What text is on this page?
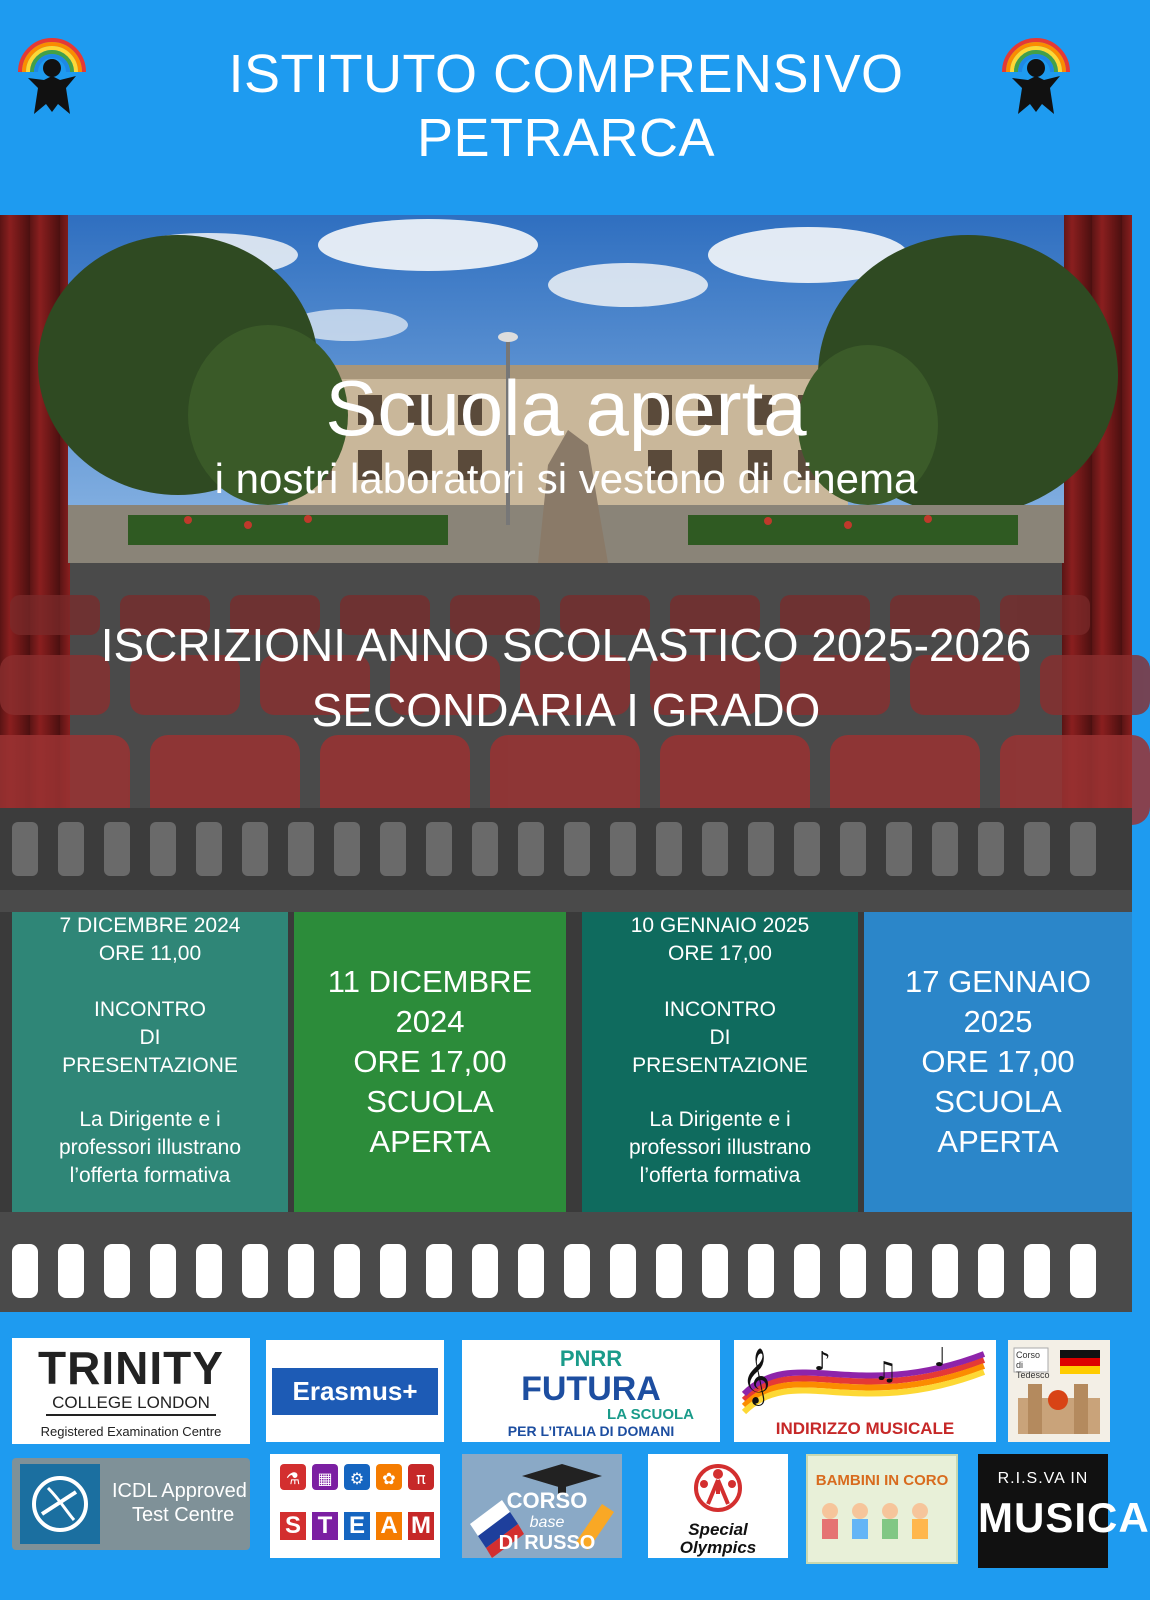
ISTITUTO COMPRENSIVO
PETRARCA
Scuola aperta
i nostri laboratori si vestono di cinema
ISCRIZIONI ANNO SCOLASTICO 2025-2026
SECONDARIA I GRADO
7 DICEMBRE 2024
ORE 11,00
INCONTRO
DI
PRESENTAZIONE
La Dirigente e i
professori illustrano
l’offerta formativa
11 DICEMBRE
2024
ORE 17,00
SCUOLA
APERTA
10 GENNAIO 2025
ORE 17,00
INCONTRO
DI
PRESENTAZIONE
La Dirigente e i
professori illustrano
l’offerta formativa
17 GENNAIO
2025
ORE 17,00
SCUOLA
APERTA
TRINITY
COLLEGE LONDON
Registered Examination Centre
Erasmus+
PNRR
FUTURA
LA SCUOLA
PER L’ITALIA DI DOMANI
𝄞 ♪ ♫ ♩
INDIRIZZO MUSICALE
Corso di Tedesco
ICDL Approved
Test Centre
⚗ ▦ ⚙ ✿ π
S T E A M
CORSO
base
DI RUSSO
Special
Olympics
BAMBINI IN CORO	R.I.S.VA IN
MUSICA
